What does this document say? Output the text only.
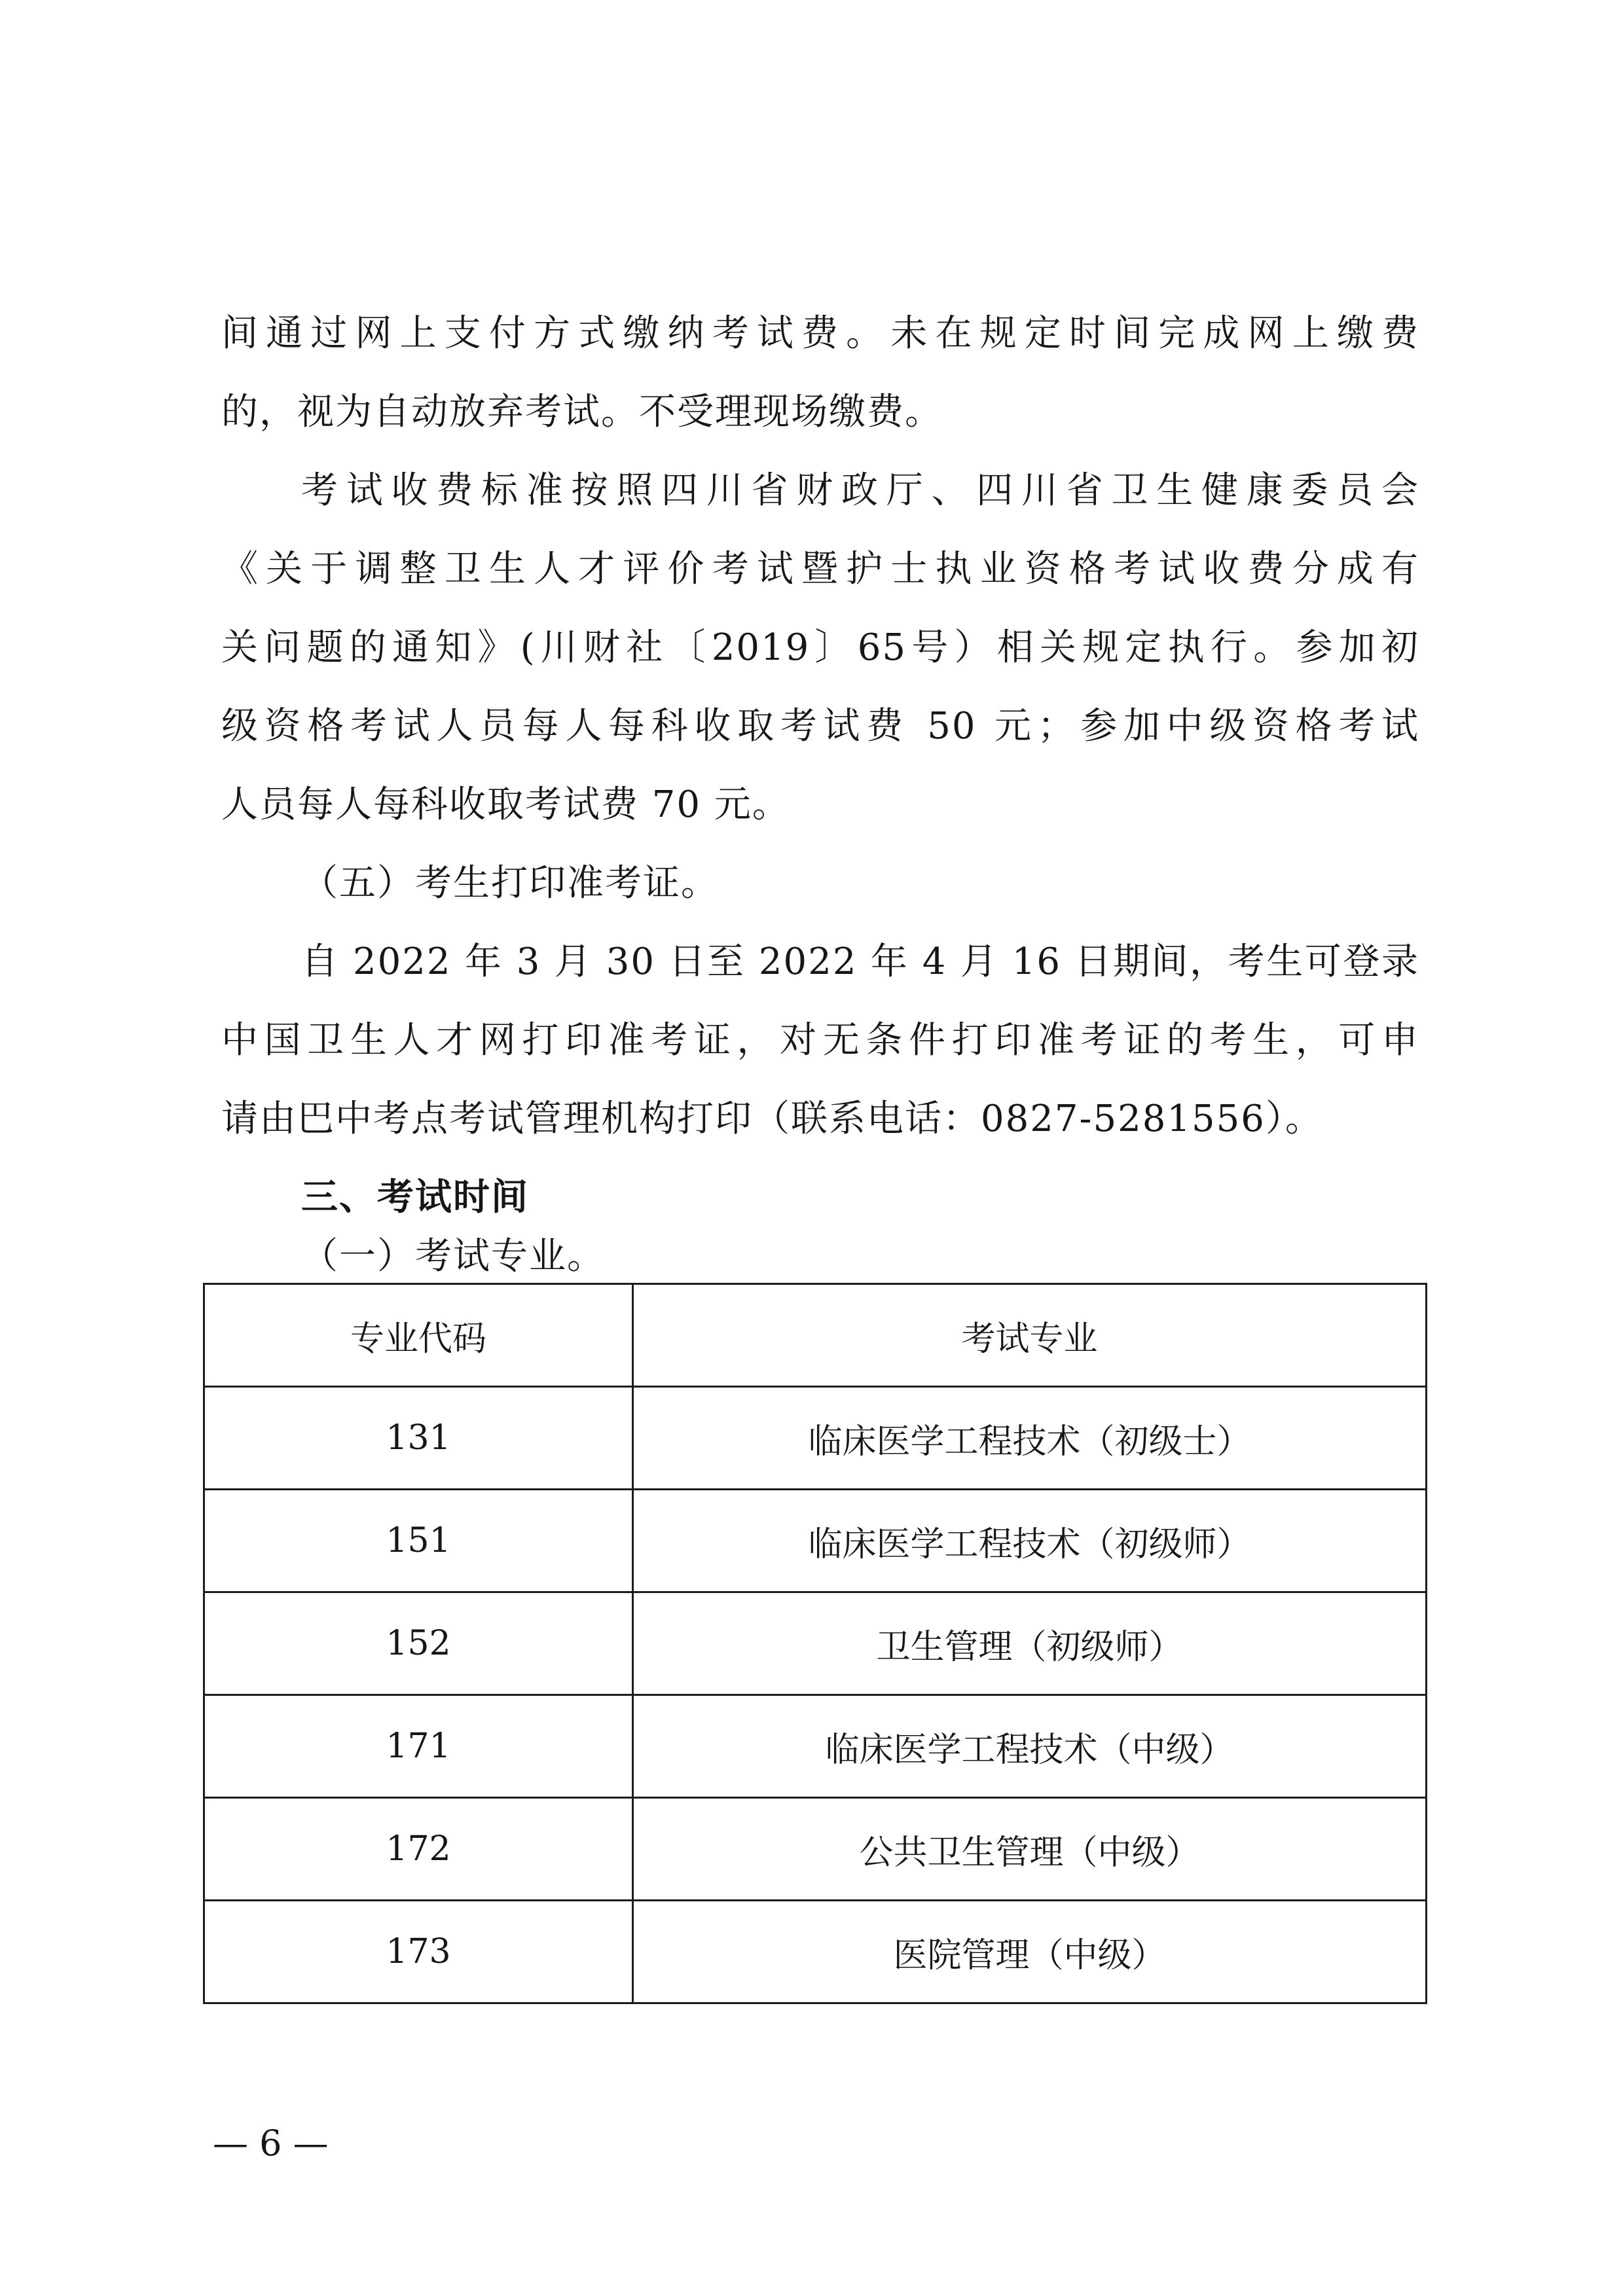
间通过网上支付方式缴纳考试费。未在规定时间完成网上缴费
的，视为自动放弃考试。不受理现场缴费。
考试收费标准按照四川省财政厅、四川省卫生健康委员会
《关于调整卫生人才评价考试暨护士执业资格考试收费分成有
关问题的通知》(川财社〔2019〕65号）相关规定执行。参加初
级资格考试人员每人每科收取考试费 50 元；参加中级资格考试
人员每人每科收取考试费 70 元。
（五）考生打印准考证。
自 2022 年 3 月 30 日至 2022 年 4 月 16 日期间，考生可登录
中国卫生人才网打印准考证，对无条件打印准考证的考生，可申
请由巴中考点考试管理机构打印（联系电话：0827-5281556）。
三、考试时间
（一）考试专业。
专业代码	考试专业
131	临床医学工程技术（初级士）
151	临床医学工程技术（初级师）
152	卫生管理（初级师）
171	临床医学工程技术（中级）
172	公共卫生管理（中级）
173	医院管理（中级）
— 6 —
